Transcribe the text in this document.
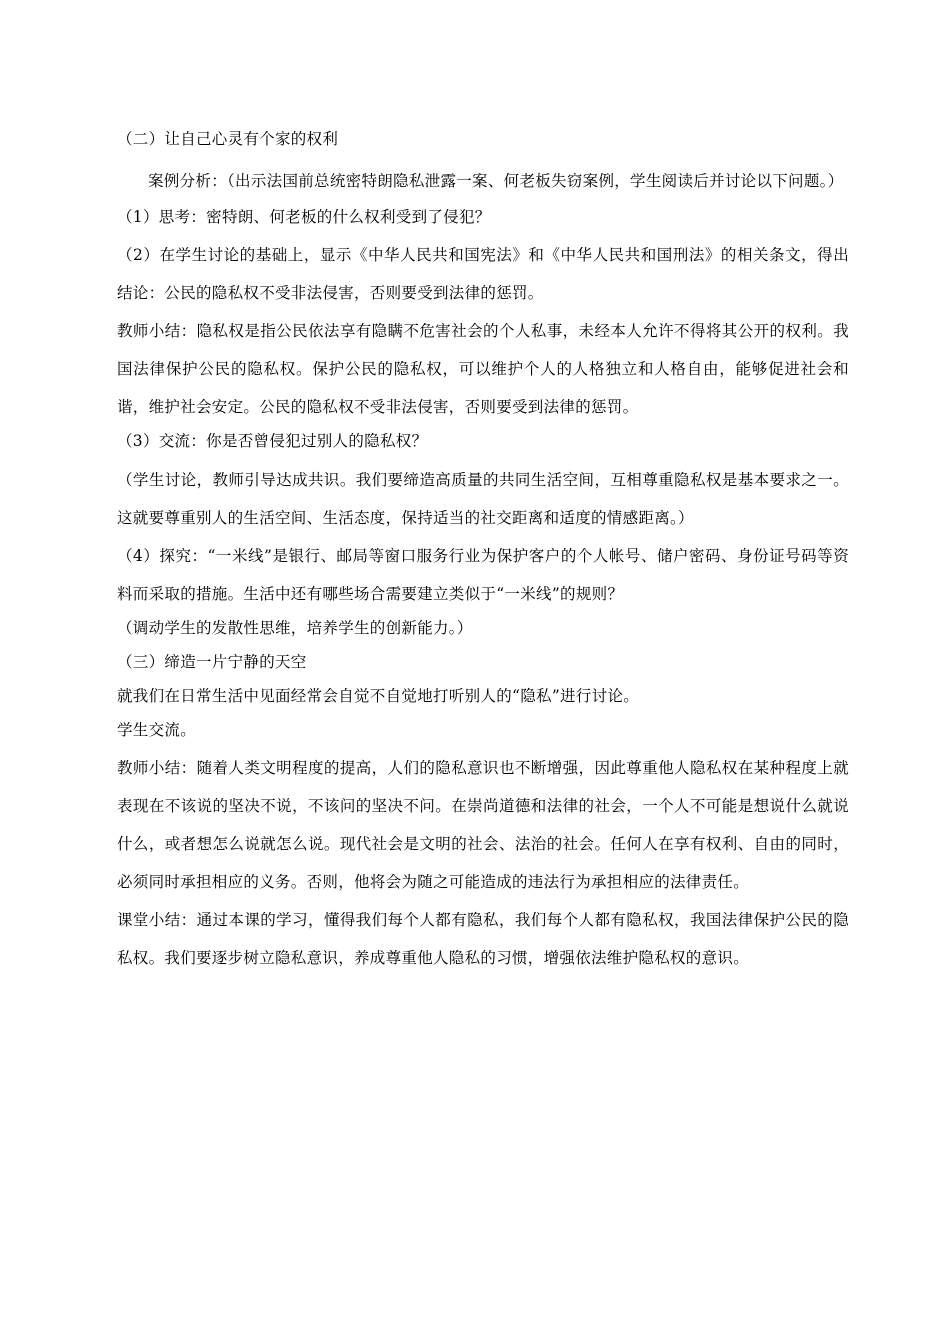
（二）让自己心灵有个家的权利

案例分析：（出示法国前总统密特朗隐私泄露一案、何老板失窃案例，学生阅读后并讨论以下问题。）

（1）思考：密特朗、何老板的什么权利受到了侵犯？

（2）在学生讨论的基础上，显示《中华人民共和国宪法》和《中华人民共和国刑法》的相关条文，得出结论：公民的隐私权不受非法侵害，否则要受到法律的惩罚。

教师小结：隐私权是指公民依法享有隐瞒不危害社会的个人私事，未经本人允许不得将其公开的权利。我国法律保护公民的隐私权。保护公民的隐私权，可以维护个人的人格独立和人格自由，能够促进社会和谐，维护社会安定。公民的隐私权不受非法侵害，否则要受到法律的惩罚。

（3）交流：你是否曾侵犯过别人的隐私权？

（学生讨论，教师引导达成共识。我们要缔造高质量的共同生活空间，互相尊重隐私权是基本要求之一。这就要尊重别人的生活空间、生活态度，保持适当的社交距离和适度的情感距离。）

（4）探究：“一米线”是银行、邮局等窗口服务行业为保护客户的个人帐号、储户密码、身份证号码等资料而采取的措施。生活中还有哪些场合需要建立类似于“一米线”的规则？

（调动学生的发散性思维，培养学生的创新能力。）

（三）缔造一片宁静的天空

就我们在日常生活中见面经常会自觉不自觉地打听别人的“隐私”进行讨论。

学生交流。

教师小结：随着人类文明程度的提高，人们的隐私意识也不断增强，因此尊重他人隐私权在某种程度上就表现在不该说的坚决不说，不该问的坚决不问。在崇尚道德和法律的社会，一个人不可能是想说什么就说什么，或者想怎么说就怎么说。现代社会是文明的社会、法治的社会。任何人在享有权利、自由的同时，必须同时承担相应的义务。否则，他将会为随之可能造成的违法行为承担相应的法律责任。

课堂小结：通过本课的学习，懂得我们每个人都有隐私，我们每个人都有隐私权，我国法律保护公民的隐私权。我们要逐步树立隐私意识，养成尊重他人隐私的习惯，增强依法维护隐私权的意识。
